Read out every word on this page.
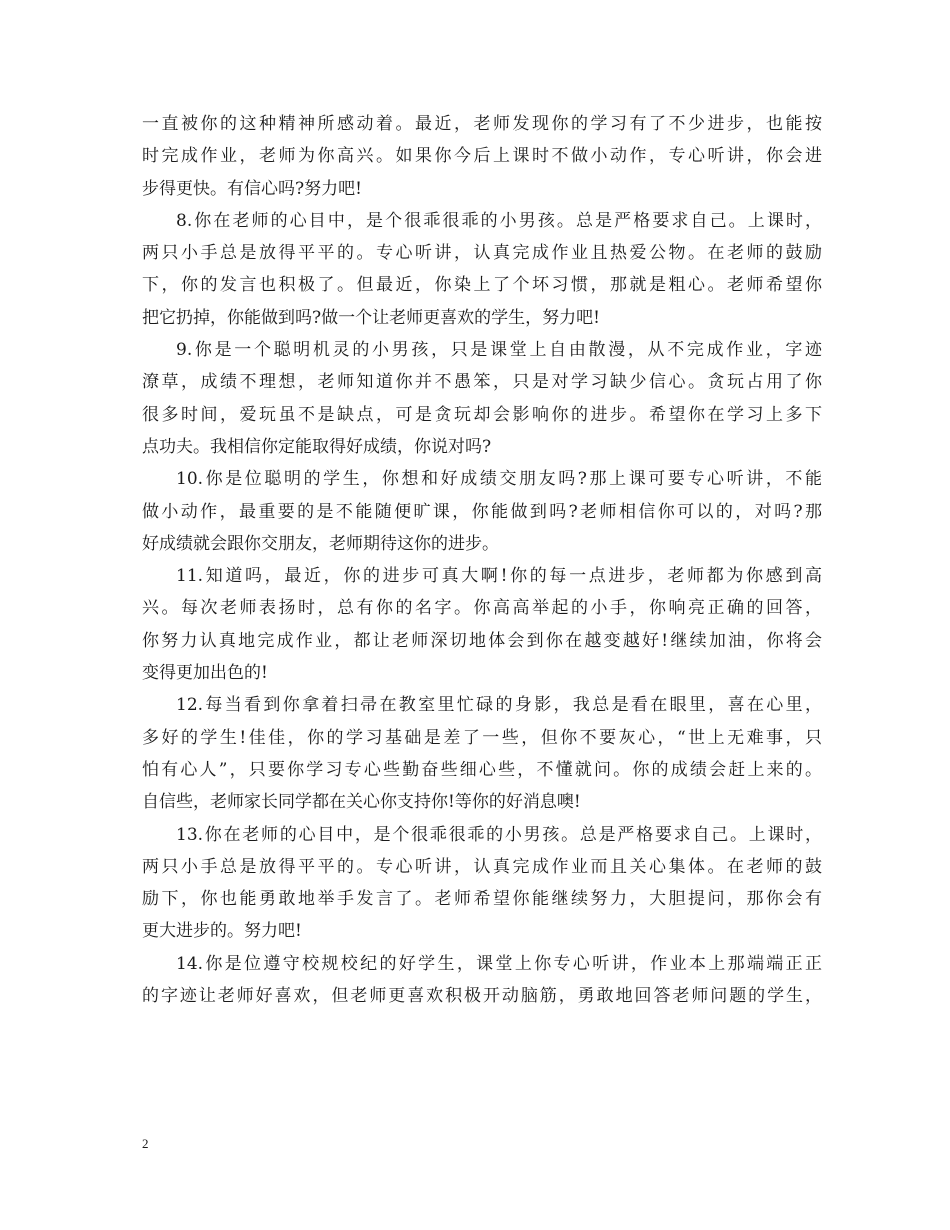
一直被你的这种精神所感动着。最近，老师发现你的学习有了不少进步，也能按
时完成作业，老师为你高兴。如果你今后上课时不做小动作，专心听讲，你会进
步得更快。有信心吗?努力吧!
8.你在老师的心目中，是个很乖很乖的小男孩。总是严格要求自己。上课时，
两只小手总是放得平平的。专心听讲，认真完成作业且热爱公物。在老师的鼓励
下，你的发言也积极了。但最近，你染上了个坏习惯，那就是粗心。老师希望你
把它扔掉，你能做到吗?做一个让老师更喜欢的学生，努力吧!
9.你是一个聪明机灵的小男孩，只是课堂上自由散漫，从不完成作业，字迹
潦草，成绩不理想，老师知道你并不愚笨，只是对学习缺少信心。贪玩占用了你
很多时间，爱玩虽不是缺点，可是贪玩却会影响你的进步。希望你在学习上多下
点功夫。我相信你定能取得好成绩，你说对吗?
10.你是位聪明的学生，你想和好成绩交朋友吗?那上课可要专心听讲，不能
做小动作，最重要的是不能随便旷课，你能做到吗?老师相信你可以的，对吗?那
好成绩就会跟你交朋友，老师期待这你的进步。
11.知道吗，最近，你的进步可真大啊!你的每一点进步，老师都为你感到高
兴。每次老师表扬时，总有你的名字。你高高举起的小手，你响亮正确的回答，
你努力认真地完成作业，都让老师深切地体会到你在越变越好!继续加油，你将会
变得更加出色的!
12.每当看到你拿着扫帚在教室里忙碌的身影，我总是看在眼里，喜在心里，
多好的学生!佳佳，你的学习基础是差了一些，但你不要灰心，“世上无难事，只
怕有心人”，只要你学习专心些勤奋些细心些，不懂就问。你的成绩会赶上来的。
自信些，老师家长同学都在关心你支持你!等你的好消息噢!
13.你在老师的心目中，是个很乖很乖的小男孩。总是严格要求自己。上课时，
两只小手总是放得平平的。专心听讲，认真完成作业而且关心集体。在老师的鼓
励下，你也能勇敢地举手发言了。老师希望你能继续努力，大胆提问，那你会有
更大进步的。努力吧!
14.你是位遵守校规校纪的好学生，课堂上你专心听讲，作业本上那端端正正
的字迹让老师好喜欢，但老师更喜欢积极开动脑筋，勇敢地回答老师问题的学生，
2
